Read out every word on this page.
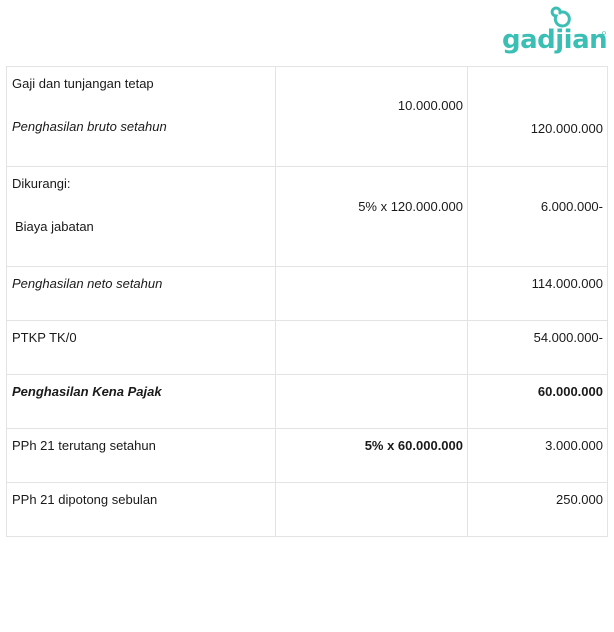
gadjian
Gaji dan tunjangan tetap
Penghasilan bruto setahun	10.000.000	120.000.000

Dikurangi:
Biaya jabatan	5% x 120.000.000	6.000.000-

Penghasilan neto setahun		114.000.000

PTKP TK/0		54.000.000-

Penghasilan Kena Pajak		60.000.000

PPh 21 terutang setahun	5% x 60.000.000	3.000.000

PPh 21 dipotong sebulan		250.000
